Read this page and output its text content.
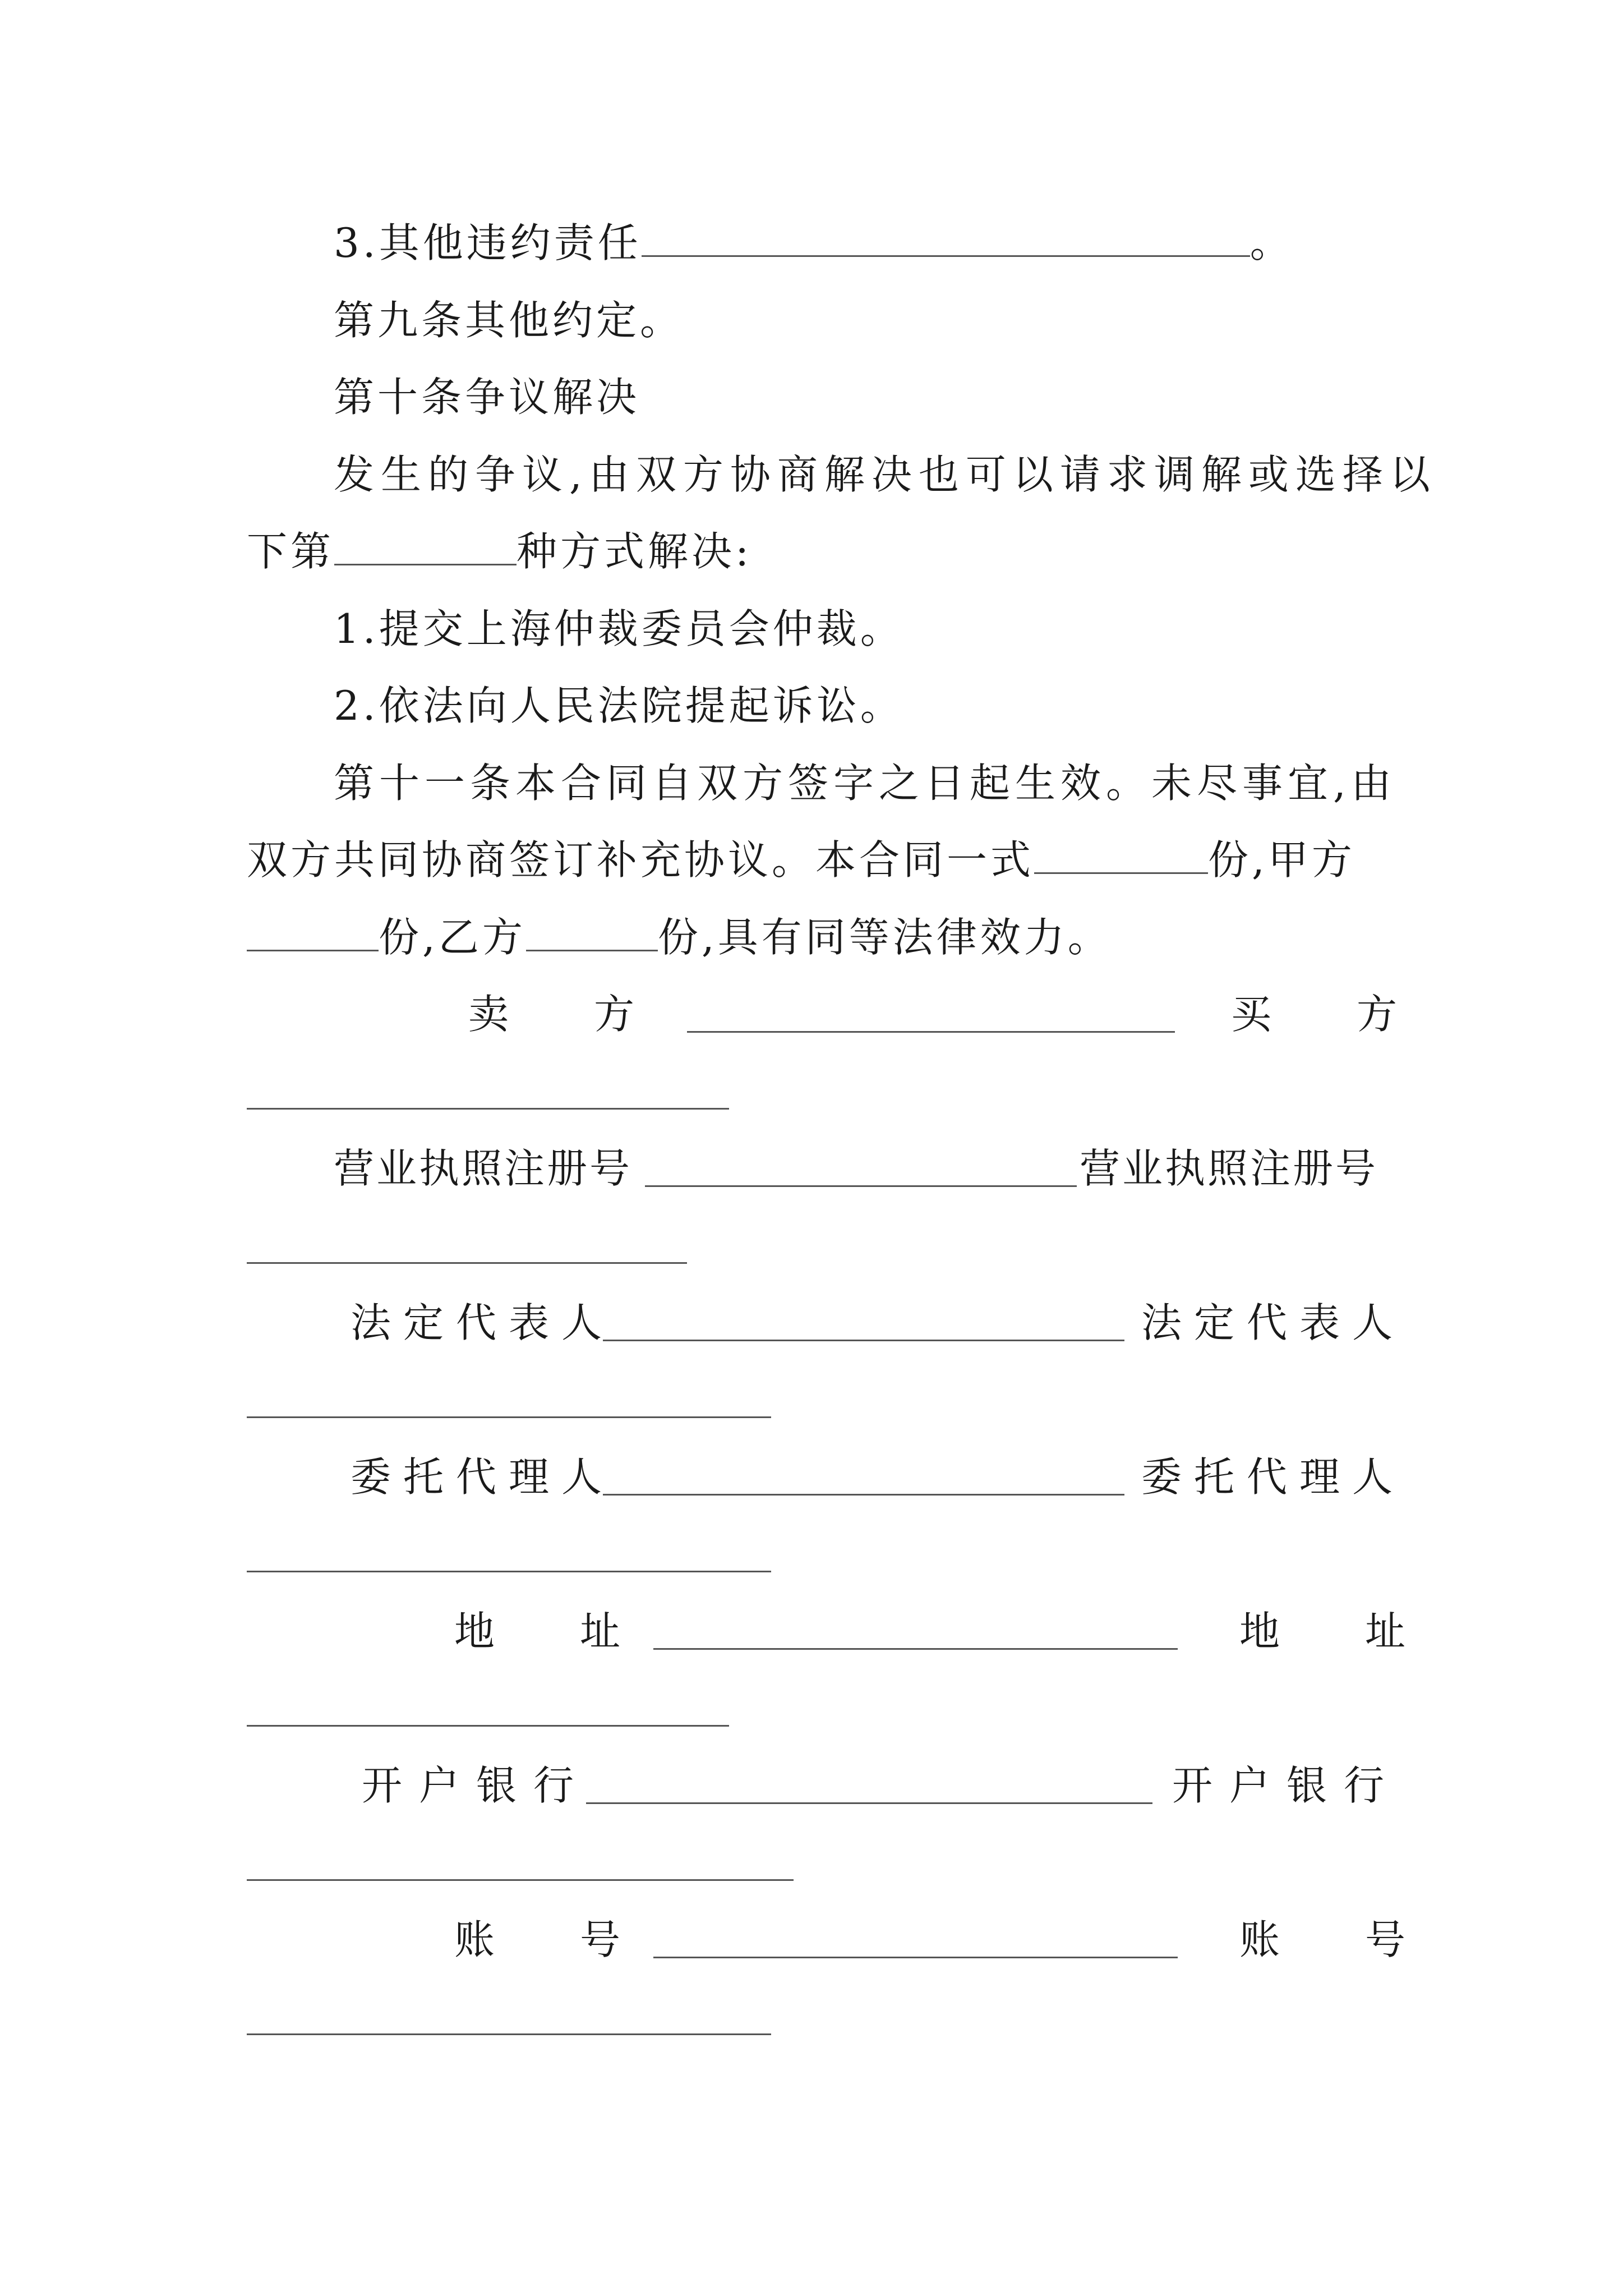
3.其他违约责任	。
第九条其他约定。
第十条争议解决
发生的争议,由双方协商解决也可以请求调解或选择以
下第	种方式解决:
1.提交上海仲裁委员会仲裁。
2.依法向人民法院提起诉讼。
第十一条本合同自双方签字之日起生效。未尽事宜,由
双方共同协商签订补充协议。本合同一式	份,甲方
份,乙方	份,具有同等法律效力。
卖　方	买　方
营业执照注册号	营业执照注册号
法定代表人	法定代表人
委托代理人	委托代理人
地　址	地　址
开户银行	开户银行
账　号	账　号
